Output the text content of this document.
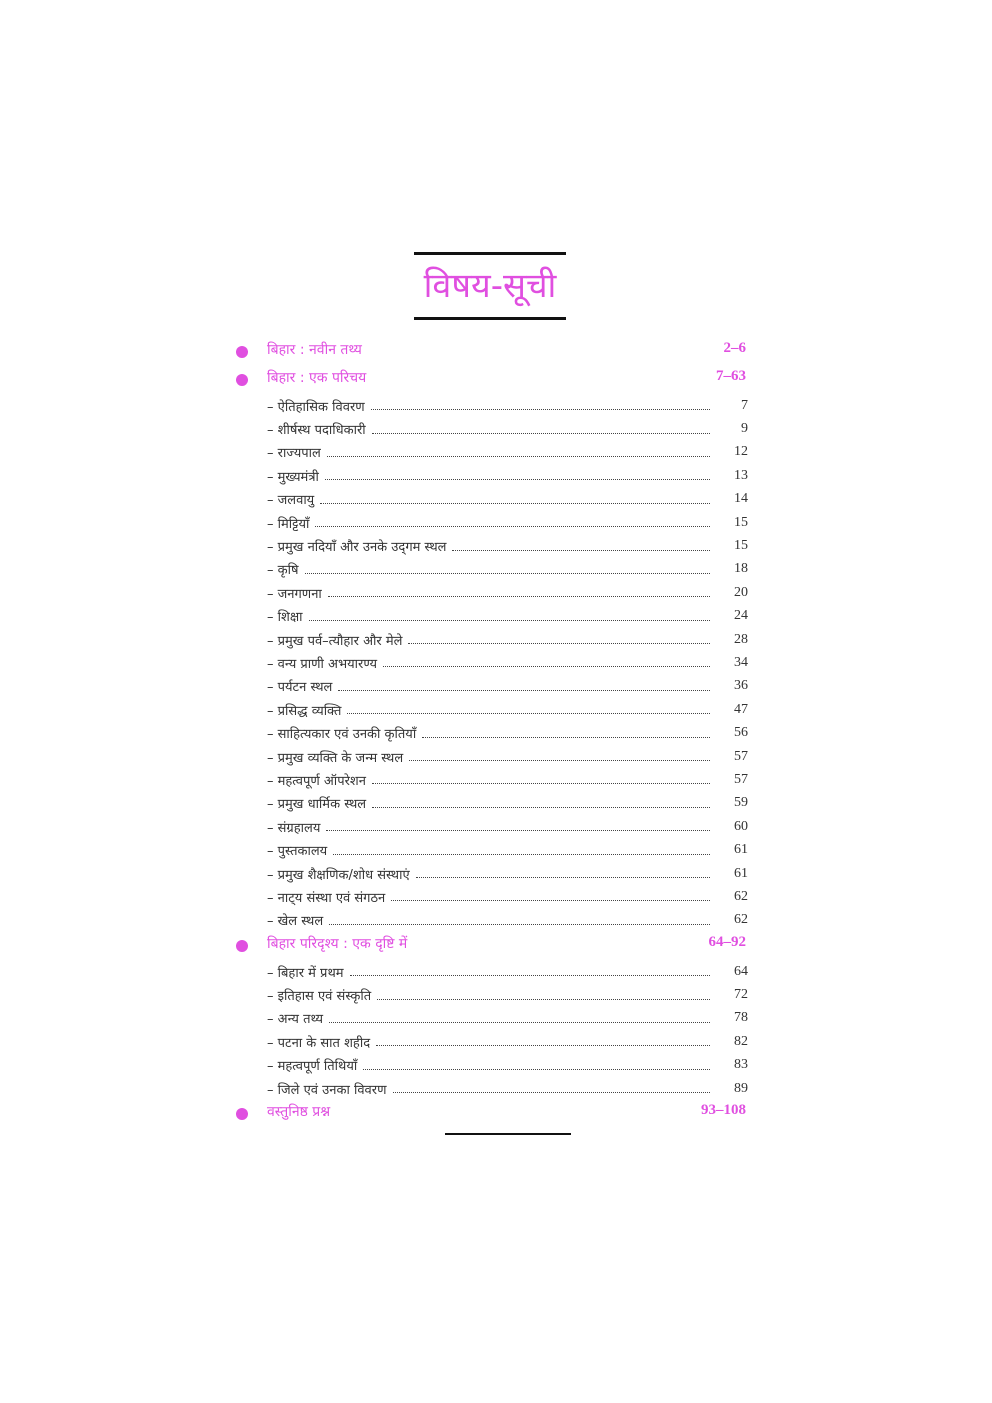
विषय-सूची
बिहार : नवीन तथ्य	2–6
बिहार : एक परिचय	7–63
– ऐतिहासिक विवरण	7
– शीर्षस्थ पदाधिकारी	9
– राज्यपाल	12
– मुख्यमंत्री	13
– जलवायु	14
– मिट्टियाँ	15
– प्रमुख नदियाँ और उनके उद्‌गम स्थल	15
– कृषि	18
– जनगणना	20
– शिक्षा	24
– प्रमुख पर्व–त्यौहार और मेले	28
– वन्य प्राणी अभयारण्य	34
– पर्यटन स्थल	36
– प्रसिद्ध व्यक्ति	47
– साहित्यकार एवं उनकी कृतियाँ	56
– प्रमुख व्यक्ति के जन्म स्थल	57
– महत्वपूर्ण ऑपरेशन	57
– प्रमुख धार्मिक स्थल	59
– संग्रहालय	60
– पुस्तकालय	61
– प्रमुख शैक्षणिक/शोध संस्थाएं	61
– नाट्‌य संस्था एवं संगठन	62
– खेल स्थल	62
बिहार परिदृश्य : एक दृष्टि में	64–92
– बिहार में प्रथम	64
– इतिहास एवं संस्कृति	72
– अन्य तथ्य	78
– पटना के सात शहीद	82
– महत्वपूर्ण तिथियाँ	83
– जिले एवं उनका विवरण	89
वस्तुनिष्ठ प्रश्न	93–108
